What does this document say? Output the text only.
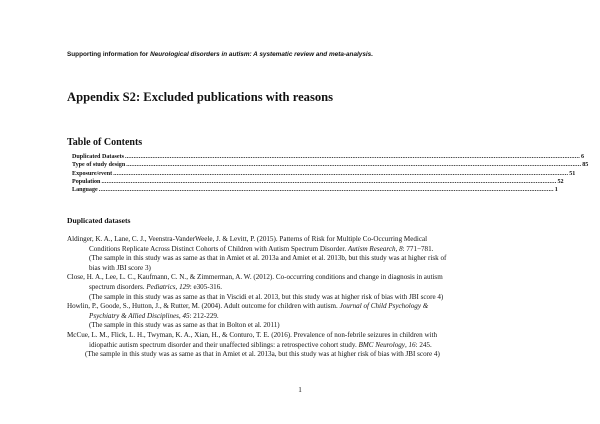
Supporting information for Neurological disorders in autism: A systematic review and meta-analysis.
Appendix S2: Excluded publications with reasons
Table of Contents
Duplicated Datasets ........................................................................................................................................................................................................................................................................ 6
Type of study design ........................................................................................................................................................................................................................................................................ 85
Exposure/event ........................................................................................................................................................................................................................................................................ 51
Population ........................................................................................................................................................................................................................................................................ 52
Language ........................................................................................................................................................................................................................................................................ 1
Duplicated datasets
Aldinger, K. A., Lane, C. J., Veenstra-VanderWeele, J. & Levitt, P. (2015). Patterns of Risk for Multiple Co-Occurring Medical
Conditions Replicate Across Distinct Cohorts of Children with Autism Spectrum Disorder. Autism Research, 8: 771−781.
(The sample in this study was as same as that in Amiet et al. 2013a and Amiet et al. 2013b, but this study was at higher risk of
bias with JBI score 3)
Close, H. A., Lee, L. C., Kaufmann, C. N., & Zimmerman, A. W. (2012). Co-occurring conditions and change in diagnosis in autism
spectrum disorders. Pediatrics, 129: e305-316.
(The sample in this study was as same as that in Viscidi et al. 2013, but this study was at higher risk of bias with JBI score 4)
Howlin, P., Goode, S., Hutton, J., & Rutter, M. (2004). Adult outcome for children with autism. Journal of Child Psychology &
Psychiatry & Allied Disciplines, 45: 212-229.
(The sample in this study was as same as that in Bolton et al. 2011)
McCue, L. M., Flick, L. H., Twyman, K. A., Xian, H., & Conturo, T. E. (2016). Prevalence of non-febrile seizures in children with
idiopathic autism spectrum disorder and their unaffected siblings: a retrospective cohort study. BMC Neurology, 16: 245.
(The sample in this study was as same as that in Amiet et al. 2013a, but this study was at higher risk of bias with JBI score 4)
1
